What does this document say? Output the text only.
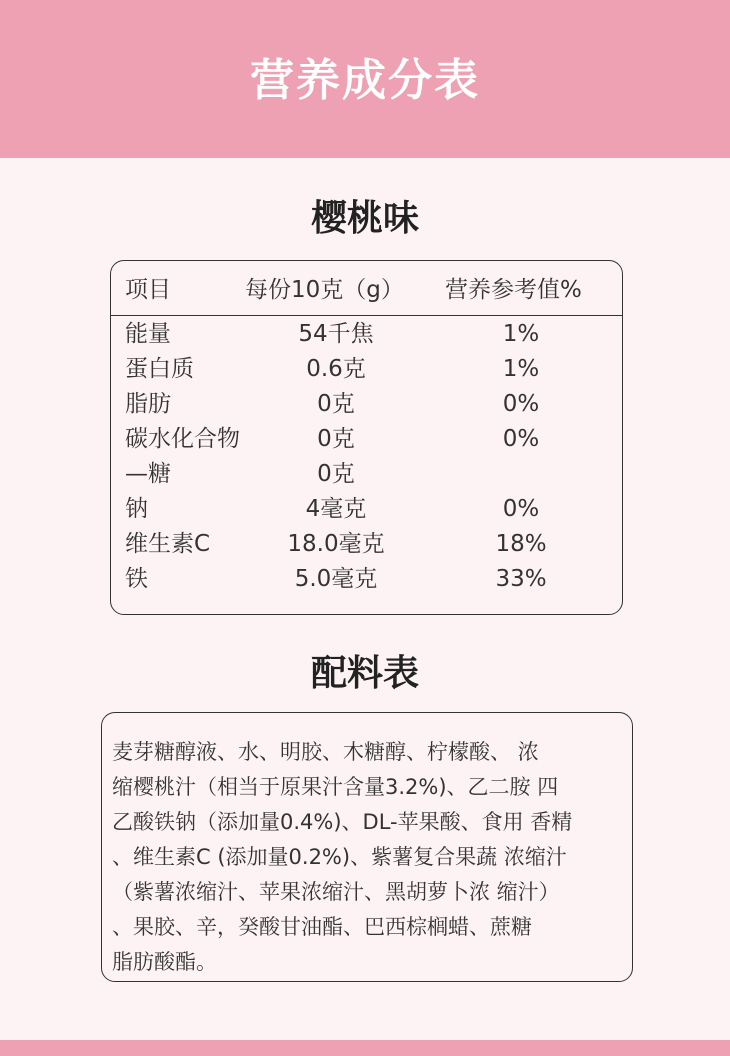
营养成分表
樱桃味
项目	每份10克（g） 营养参考值%
能量	54千焦	1%
蛋白质	0.6克	1%
脂肪	0克	0%
碳水化合物	0克	0%
—糖	0克
钠	4毫克	0%
维生素C	18.0毫克	18%
铁	5.0毫克	33%
配料表
麦芽糖醇液、水、明胶、木糖醇、柠檬酸、 浓
缩樱桃汁（相当于原果汁含量3.2%)、乙二胺 四
乙酸铁钠（添加量0.4%)、DL-苹果酸、食用 香精
、维生素C (添加量0.2%)、紫薯复合果蔬 浓缩汁
（紫薯浓缩汁、苹果浓缩汁、黑胡萝卜浓 缩汁）
、果胶、辛，癸酸甘油酯、巴西棕榈蜡、蔗糖
脂肪酸酯。
